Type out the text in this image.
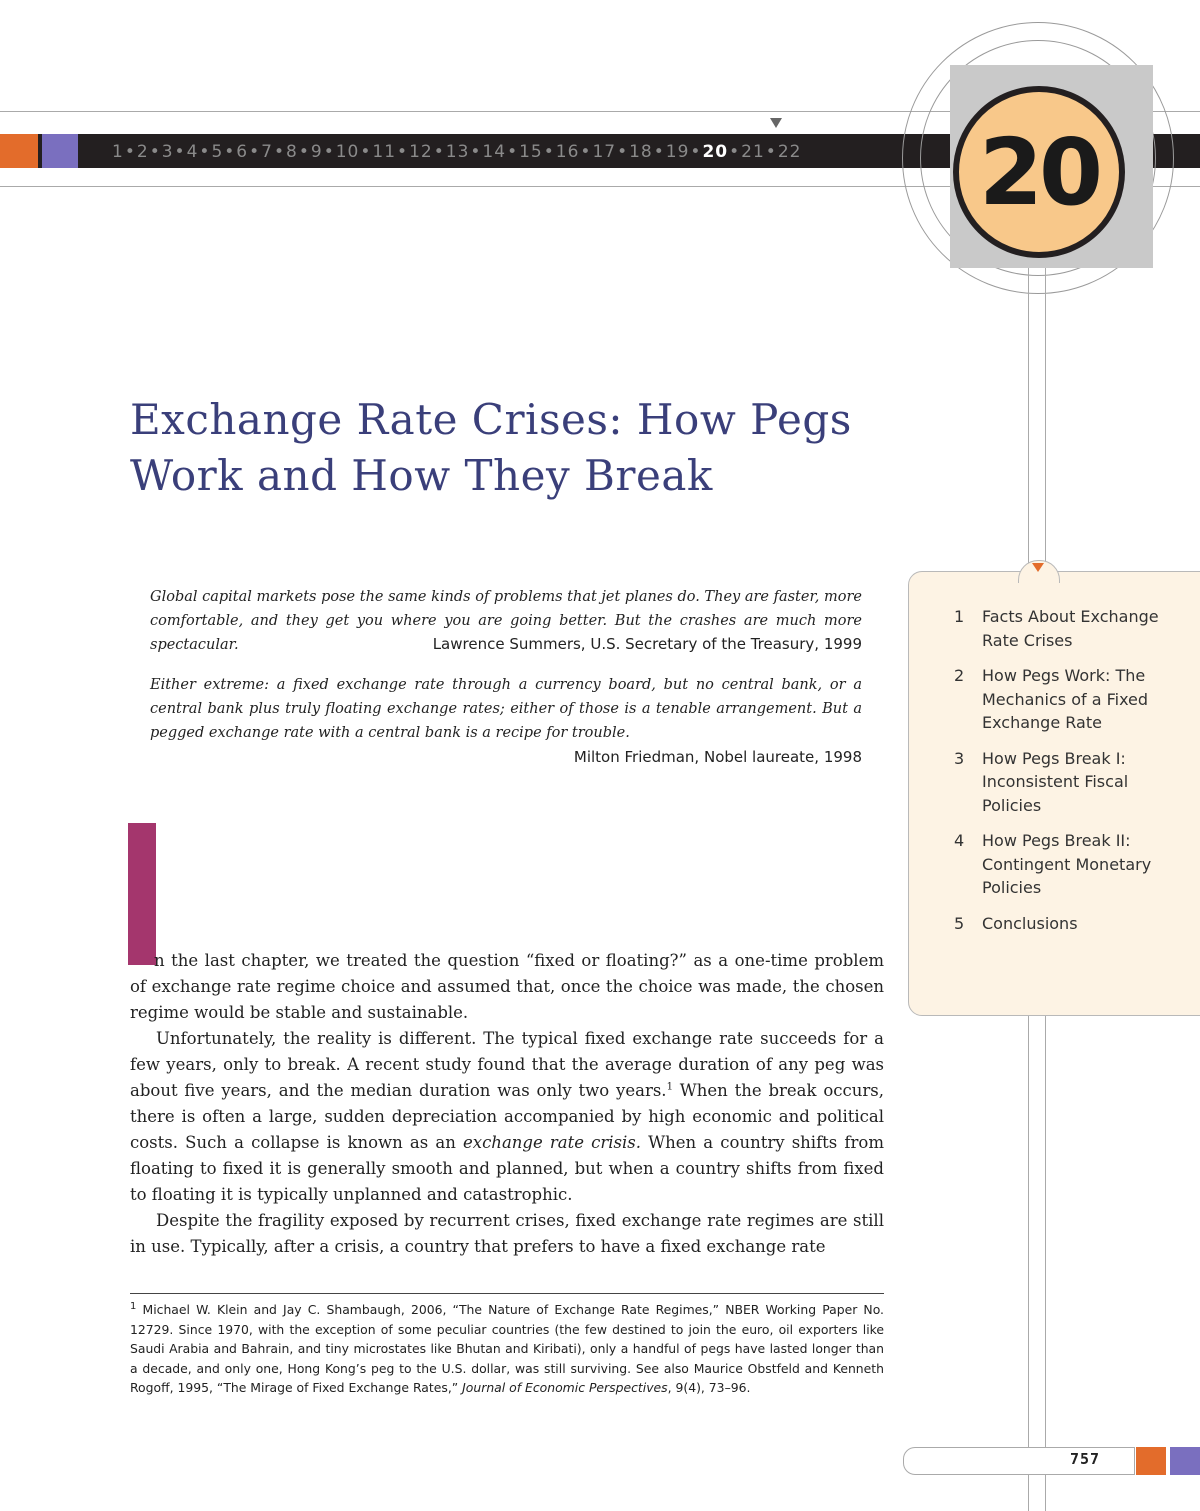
1 • 2 • 3 • 4 • 5 • 6 • 7 • 8 • 9 • 10 • 11 • 12 • 13 • 14 • 15 • 16 • 17 • 18 • 19 • 20 • 21 • 22 20
Exchange Rate Crises: How Pegs
Work and How They Break
Global capital markets pose the same kinds of problems that jet planes do. They are faster, more comfortable, and they get you where you are going better. But the crashes are much more spectacular.	Lawrence Summers, U.S. Secretary of the Treasury, 1999
Either extreme: a fixed exchange rate through a currency board, but no central bank, or a central bank plus truly floating exchange rates; either of those is a tenable arrangement. But a pegged exchange rate with a central bank is a recipe for trouble.
Milton Friedman, Nobel laureate, 1998
1	Facts About Exchange Rate Crises
2	How Pegs Work: The Mechanics of a Fixed Exchange Rate
3	How Pegs Break I: Inconsistent Fiscal Policies
4	How Pegs Break II: Contingent Monetary Policies
5	Conclusions

n the last chapter, we treated the question “fixed or floating?” as a one-time problem of exchange rate regime choice and assumed that, once the choice was made, the chosen regime would be stable and sustainable.

Unfortunately, the reality is different. The typical fixed exchange rate succeeds for a few years, only to break. A recent study found that the average duration of any peg was about five years, and the median duration was only two years.$^1$ When the break occurs, there is often a large, sudden depreciation accompanied by high economic and political costs. Such a collapse is known as an exchange rate crisis. When a country shifts from floating to fixed it is generally smooth and planned, but when a country shifts from fixed to floating it is typically unplanned and catastrophic.

Despite the fragility exposed by recurrent crises, fixed exchange rate regimes are still in use. Typically, after a crisis, a country that prefers to have a fixed exchange rate

$^1$ Michael W. Klein and Jay C. Shambaugh, 2006, “The Nature of Exchange Rate Regimes,” NBER Working Paper No. 12729. Since 1970, with the exception of some peculiar countries (the few destined to join the euro, oil exporters like Saudi Arabia and Bahrain, and tiny microstates like Bhutan and Kiribati), only a handful of pegs have lasted longer than a decade, and only one, Hong Kong’s peg to the U.S. dollar, was still surviving. See also Maurice Obstfeld and Kenneth Rogoff, 1995, “The Mirage of Fixed Exchange Rates,” Journal of Economic Perspectives, 9(4), 73–96.
757
